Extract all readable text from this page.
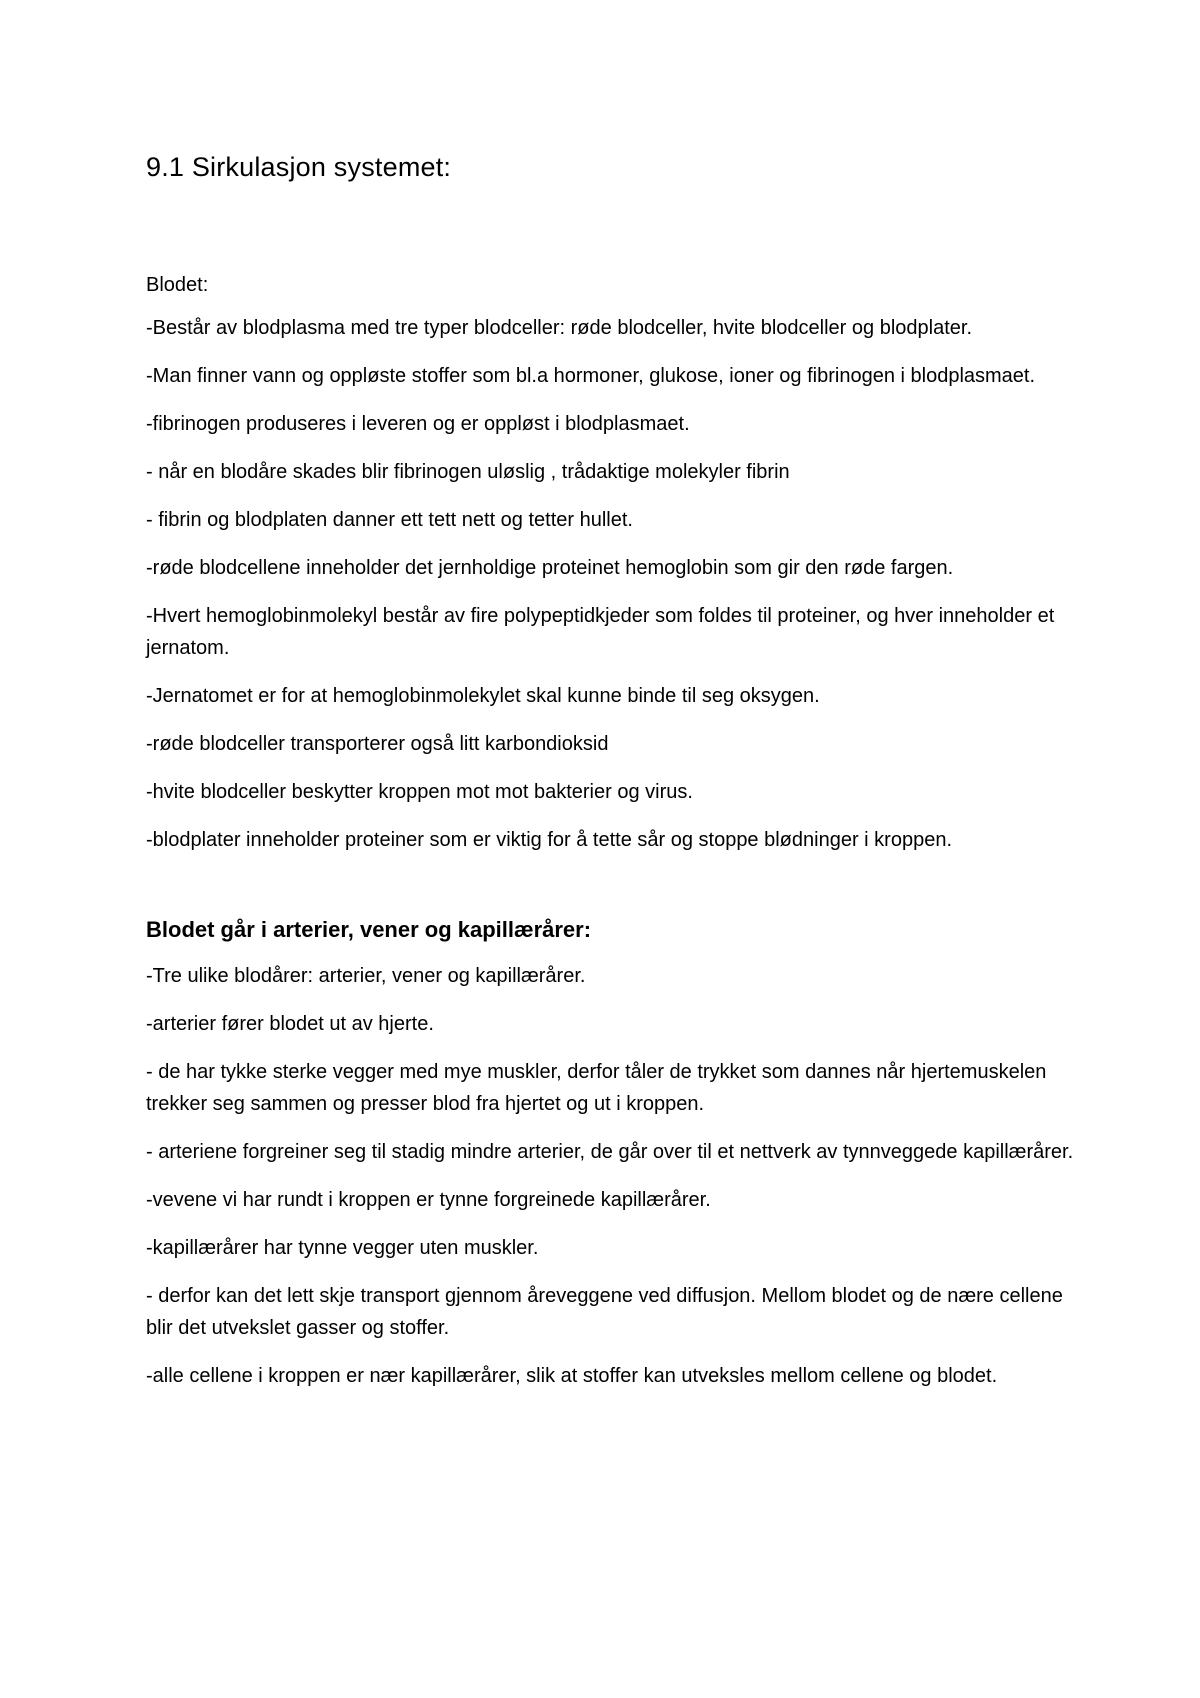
9.1 Sirkulasjon systemet:
Blodet:

-Består av blodplasma med tre typer blodceller: røde blodceller, hvite blodceller og blodplater.

-Man finner vann og oppløste stoffer som bl.a hormoner, glukose, ioner og fibrinogen i blodplasmaet.

-fibrinogen produseres i leveren og er oppløst i blodplasmaet.

- når en blodåre skades blir fibrinogen uløslig , trådaktige molekyler fibrin

- fibrin og blodplaten danner ett tett nett og tetter hullet.

-røde blodcellene inneholder det jernholdige proteinet hemoglobin som gir den røde fargen.

-Hvert hemoglobinmolekyl består av fire polypeptidkjeder som foldes til proteiner, og hver inneholder et jernatom.

-Jernatomet er for at hemoglobinmolekylet skal kunne binde til seg oksygen.

-røde blodceller transporterer også litt karbondioksid

-hvite blodceller beskytter kroppen mot mot bakterier og virus.

-blodplater inneholder proteiner som er viktig for å tette sår og stoppe blødninger i kroppen.

Blodet går i arterier, vener og kapillærårer:

-Tre ulike blodårer: arterier, vener og kapillærårer.

-arterier fører blodet ut av hjerte.

- de har tykke sterke vegger med mye muskler, derfor tåler de trykket som dannes når hjertemuskelen trekker seg sammen og presser blod fra hjertet og ut i kroppen.

- arteriene forgreiner seg til stadig mindre arterier, de går over til et nettverk av tynnveggede kapillærårer.

-vevene vi har rundt i kroppen er tynne forgreinede kapillærårer.

-kapillærårer har tynne vegger uten muskler.

- derfor kan det lett skje transport gjennom åreveggene ved diffusjon. Mellom blodet og de nære cellene blir det utvekslet gasser og stoffer.

-alle cellene i kroppen er nær kapillærårer, slik at stoffer kan utveksles mellom cellene og blodet.
